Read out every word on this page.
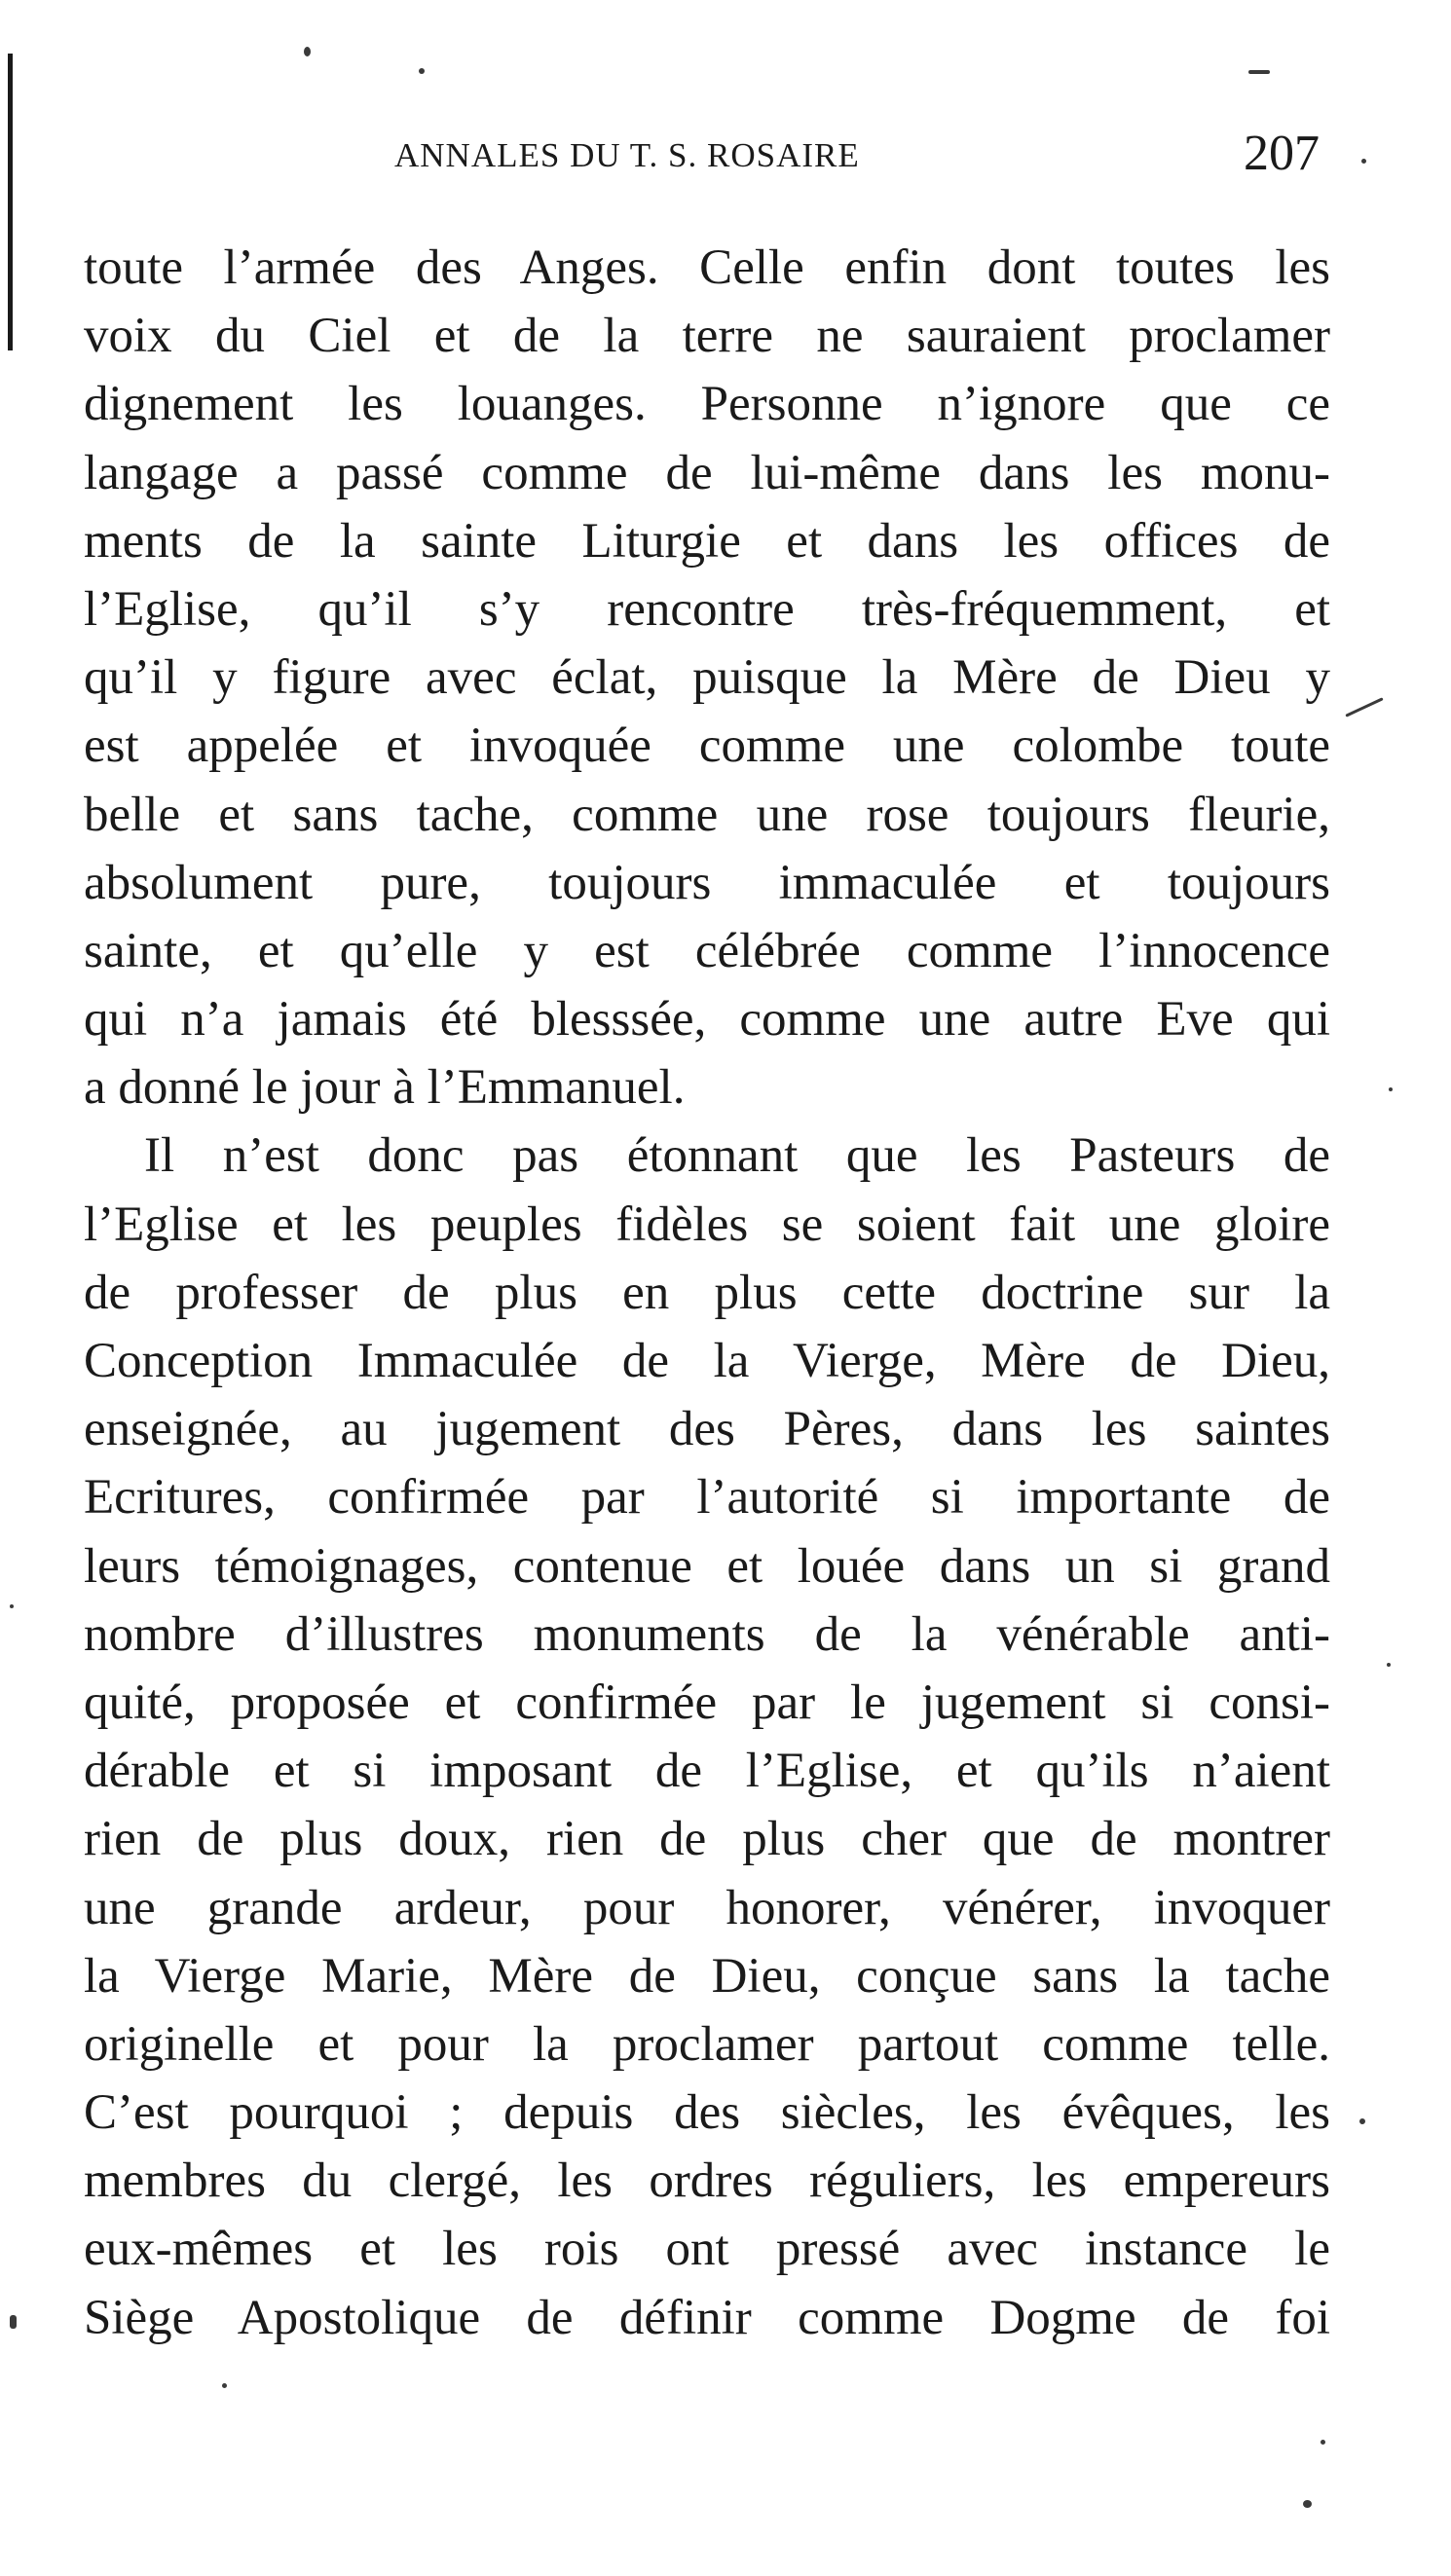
ANNALES DU T. S. ROSAIRE	207
toute l’armée des Anges. Celle enfin dont toutes les
voix du Ciel et de la terre ne sauraient proclamer
dignement les louanges. Personne n’ignore que ce
langage a passé comme de lui-même dans les monu-
ments de la sainte Liturgie et dans les offices de
l’Eglise, qu’il s’y rencontre très-fréquemment, et
qu’il y figure avec éclat, puisque la Mère de Dieu y
est appelée et invoquée comme une colombe toute
belle et sans tache, comme une rose toujours fleurie,
absolument pure, toujours immaculée et toujours
sainte, et qu’elle y est célébrée comme l’innocence
qui n’a jamais été blesssée, comme une autre Eve qui
a donné le jour à l’Emmanuel.
Il n’est donc pas étonnant que les Pasteurs de
l’Eglise et les peuples fidèles se soient fait une gloire
de professer de plus en plus cette doctrine sur la
Conception Immaculée de la Vierge, Mère de Dieu,
enseignée, au jugement des Pères, dans les saintes
Ecritures, confirmée par l’autorité si importante de
leurs témoignages, contenue et louée dans un si grand
nombre d’illustres monuments de la vénérable anti-
quité, proposée et confirmée par le jugement si consi-
dérable et si imposant de l’Eglise, et qu’ils n’aient
rien de plus doux, rien de plus cher que de montrer
une grande ardeur, pour honorer, vénérer, invoquer
la Vierge Marie, Mère de Dieu, conçue sans la tache
originelle et pour la proclamer partout comme telle.
C’est pourquoi ; depuis des siècles, les évêques, les
membres du clergé, les ordres réguliers, les empereurs
eux-mêmes et les rois ont pressé avec instance le
Siège Apostolique de définir comme Dogme de foi
